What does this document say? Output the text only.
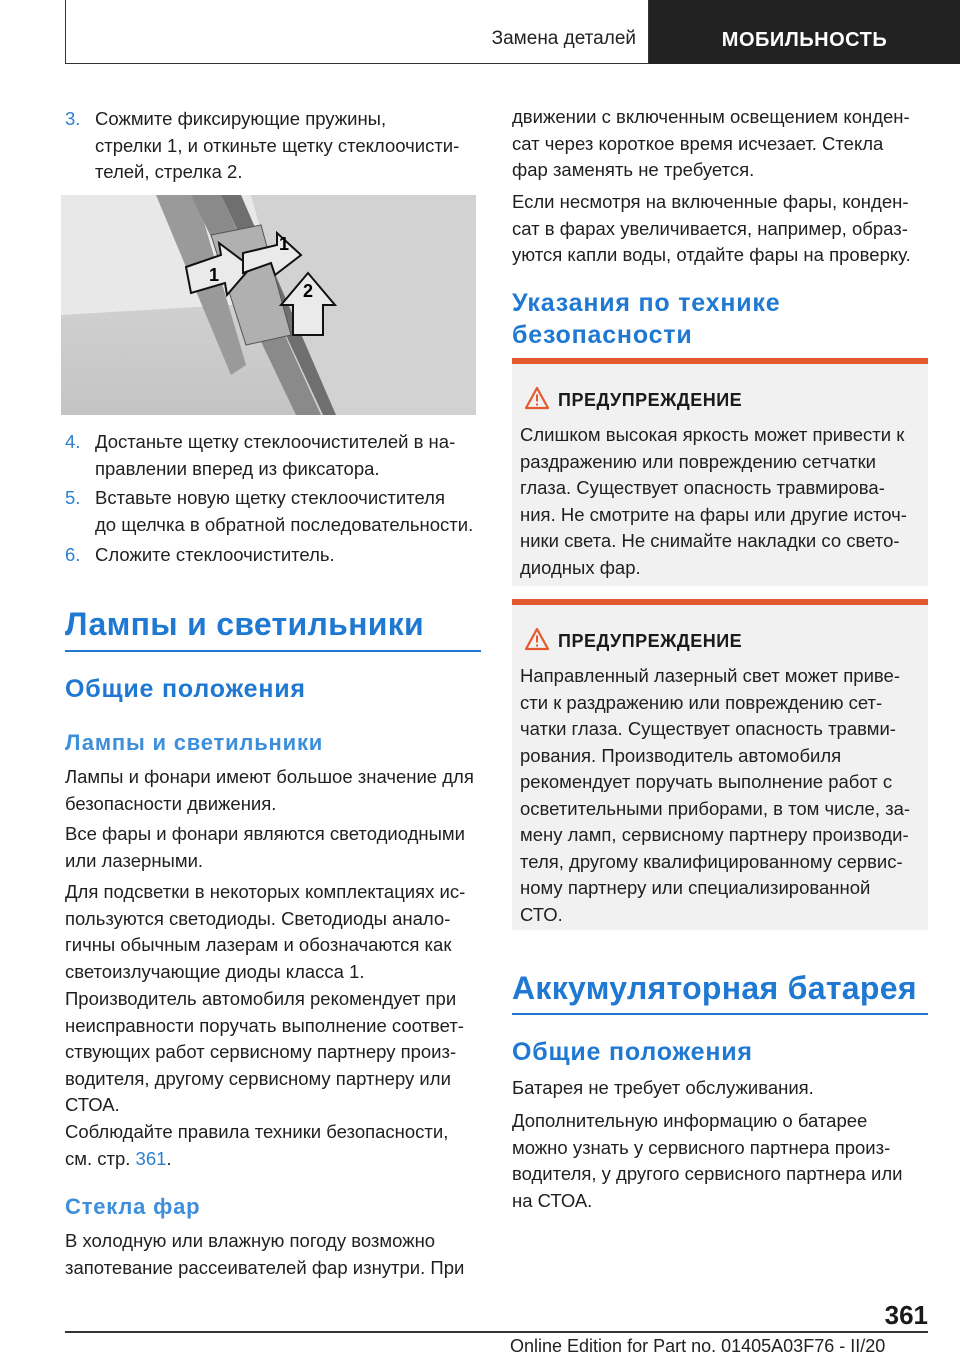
Замена деталей	МОБИЛЬНОСТЬ
3. Сожмите фиксирующие пружины,
стрелки 1, и откиньте щетку стеклоочисти-
телей, стрелка 2.
1
1
2
4. Достаньте щетку стеклоочистителей в на-
правлении вперед из фиксатора.
5. Вставьте новую щетку стеклоочистителя
до щелчка в обратной последовательности.
6. Сложите стеклоочиститель.
Лампы и светильники
Общие положения
Лампы и светильники
Лампы и фонари имеют большое значение для
безопасности движения.
Все фары и фонари являются светодиодными
или лазерными.
Для подсветки в некоторых комплектациях ис-
пользуются светодиоды. Светодиоды анало-
гичны обычным лазерам и обозначаются как
светоизлучающие диоды класса 1.
Производитель автомобиля рекомендует при
неисправности поручать выполнение соответ-
ствующих работ сервисному партнеру произ-
водителя, другому сервисному партнеру или
СТОА.
Соблюдайте правила техники безопасности,
см. стр. 361.
Стекла фар
В холодную или влажную погоду возможно
запотевание рассеивателей фар изнутри. При
движении с включенным освещением конден-
сат через короткое время исчезает. Стекла
фар заменять не требуется.
Если несмотря на включенные фары, конден-
сат в фарах увеличивается, например, образ-
уются капли воды, отдайте фары на проверку.
Указания по технике
безопасности
ПРЕДУПРЕЖДЕНИЕ
Слишком высокая яркость может привести к
раздражению или повреждению сетчатки
глаза. Существует опасность травмирова-
ния. Не смотрите на фары или другие источ-
ники света. Не снимайте накладки со свето-
диодных фар.
ПРЕДУПРЕЖДЕНИЕ
Направленный лазерный свет может приве-
сти к раздражению или повреждению сет-
чатки глаза. Существует опасность травми-
рования. Производитель автомобиля
рекомендует поручать выполнение работ с
осветительными приборами, в том числе, за-
мену ламп, сервисному партнеру производи-
теля, другому квалифицированному сервис-
ному партнеру или специализированной
СТО.
Аккумуляторная батарея
Общие положения
Батарея не требует обслуживания.
Дополнительную информацию о батарее
можно узнать у сервисного партнера произ-
водителя, у другого сервисного партнера или
на СТОА.
361
Online Edition for Part no. 01405A03F76 - II/20
